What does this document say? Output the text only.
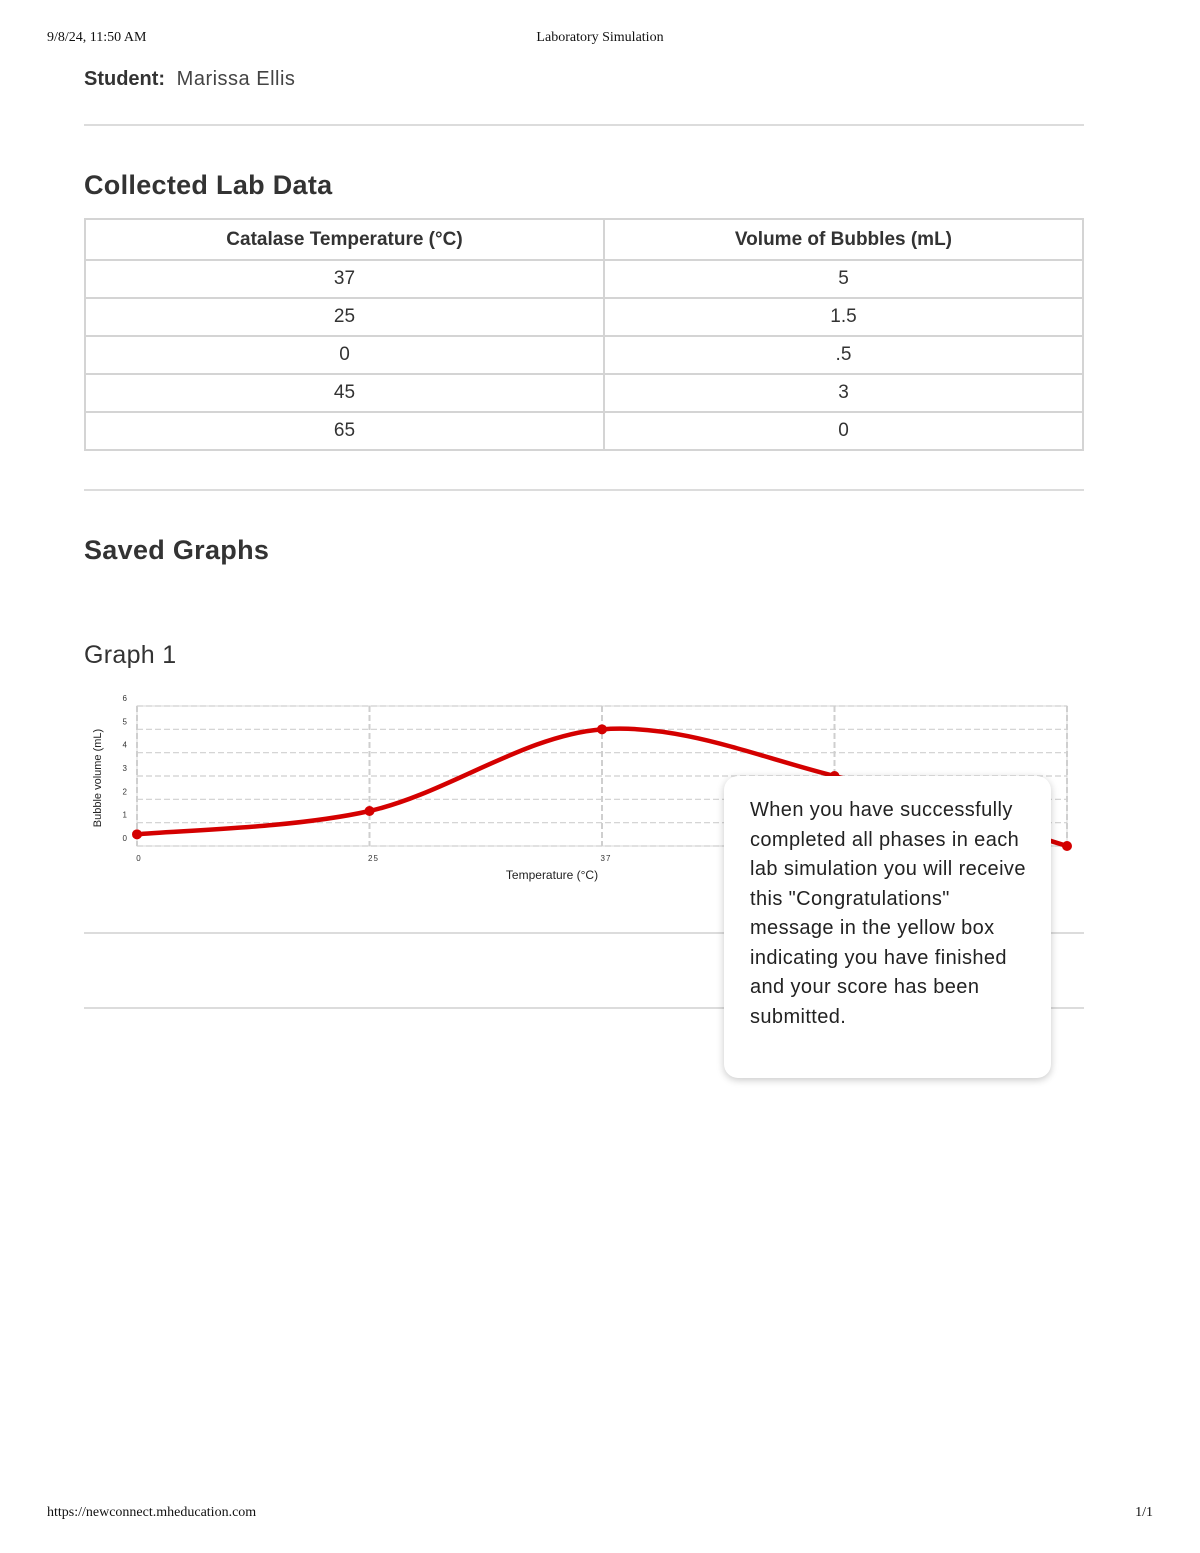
9/8/24, 11:50 AM	Laboratory Simulation
Student: Marissa Ellis
Collected Lab Data
Catalase Temperature (°C)	Volume of Bubbles (mL)
37	5
25	1.5
0	.5
45	3
65	0
Saved Graphs
Graph 1
0
1
2
3
4
5
6
0	25	37
Temperature (°C)
Bubble volume (mL)	When you have successfully completed all phases in each lab simulation you will receive this "Congratulations" message in the yellow box indicating you have finished and your score has been submitted.
https://newconnect.mheducation.com	1/1
